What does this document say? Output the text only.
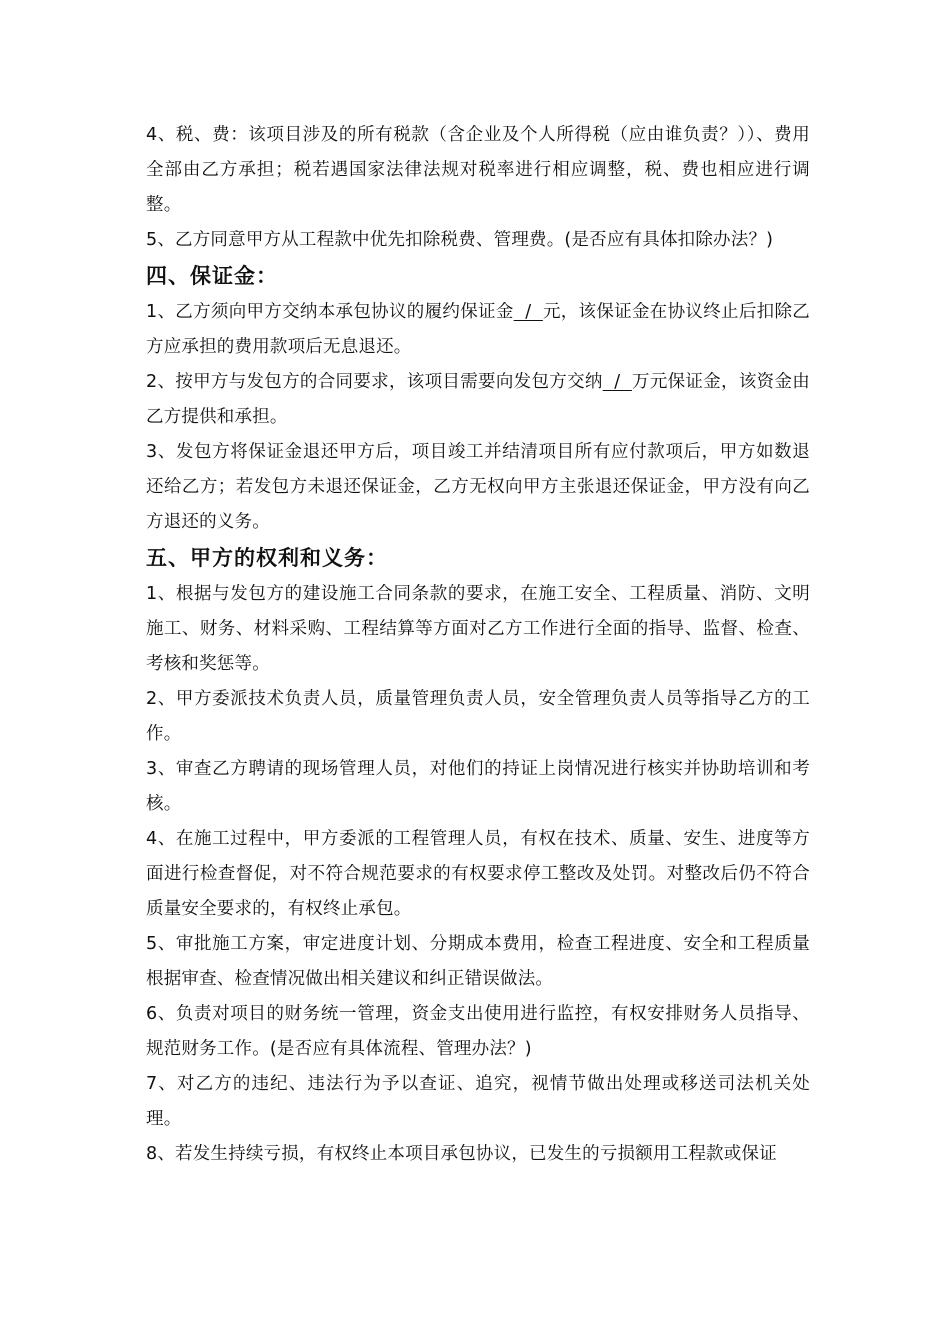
4、税、费：该项目涉及的所有税款（含企业及个人所得税（应由谁负责？））、费用全部由乙方承担；税若遇国家法律法规对税率进行相应调整，税、费也相应进行调整。

5、乙方同意甲方从工程款中优先扣除税费、管理费。(是否应有具体扣除办法？)

四、保证金：

1、乙方须向甲方交纳本承包协议的履约保证金  /  元，该保证金在协议终止后扣除乙方应承担的费用款项后无息退还。

2、按甲方与发包方的合同要求，该项目需要向发包方交纳  /  万元保证金，该资金由乙方提供和承担。

3、发包方将保证金退还甲方后，项目竣工并结清项目所有应付款项后，甲方如数退还给乙方；若发包方未退还保证金，乙方无权向甲方主张退还保证金，甲方没有向乙方退还的义务。

五、甲方的权利和义务：

1、根据与发包方的建设施工合同条款的要求，在施工安全、工程质量、消防、文明施工、财务、材料采购、工程结算等方面对乙方工作进行全面的指导、监督、检查、考核和奖惩等。

2、甲方委派技术负责人员，质量管理负责人员，安全管理负责人员等指导乙方的工作。

3、审查乙方聘请的现场管理人员，对他们的持证上岗情况进行核实并协助培训和考核。

4、在施工过程中，甲方委派的工程管理人员，有权在技术、质量、安生、进度等方面进行检查督促，对不符合规范要求的有权要求停工整改及处罚。对整改后仍不符合质量安全要求的，有权终止承包。

5、审批施工方案，审定进度计划、分期成本费用，检查工程进度、安全和工程质量根据审查、检查情况做出相关建议和纠正错误做法。

6、负责对项目的财务统一管理，资金支出使用进行监控，有权安排财务人员指导、规范财务工作。(是否应有具体流程、管理办法？)

7、对乙方的违纪、违法行为予以查证、追究，视情节做出处理或移送司法机关处理。

8、若发生持续亏损，有权终止本项目承包协议，已发生的亏损额用工程款或保证
